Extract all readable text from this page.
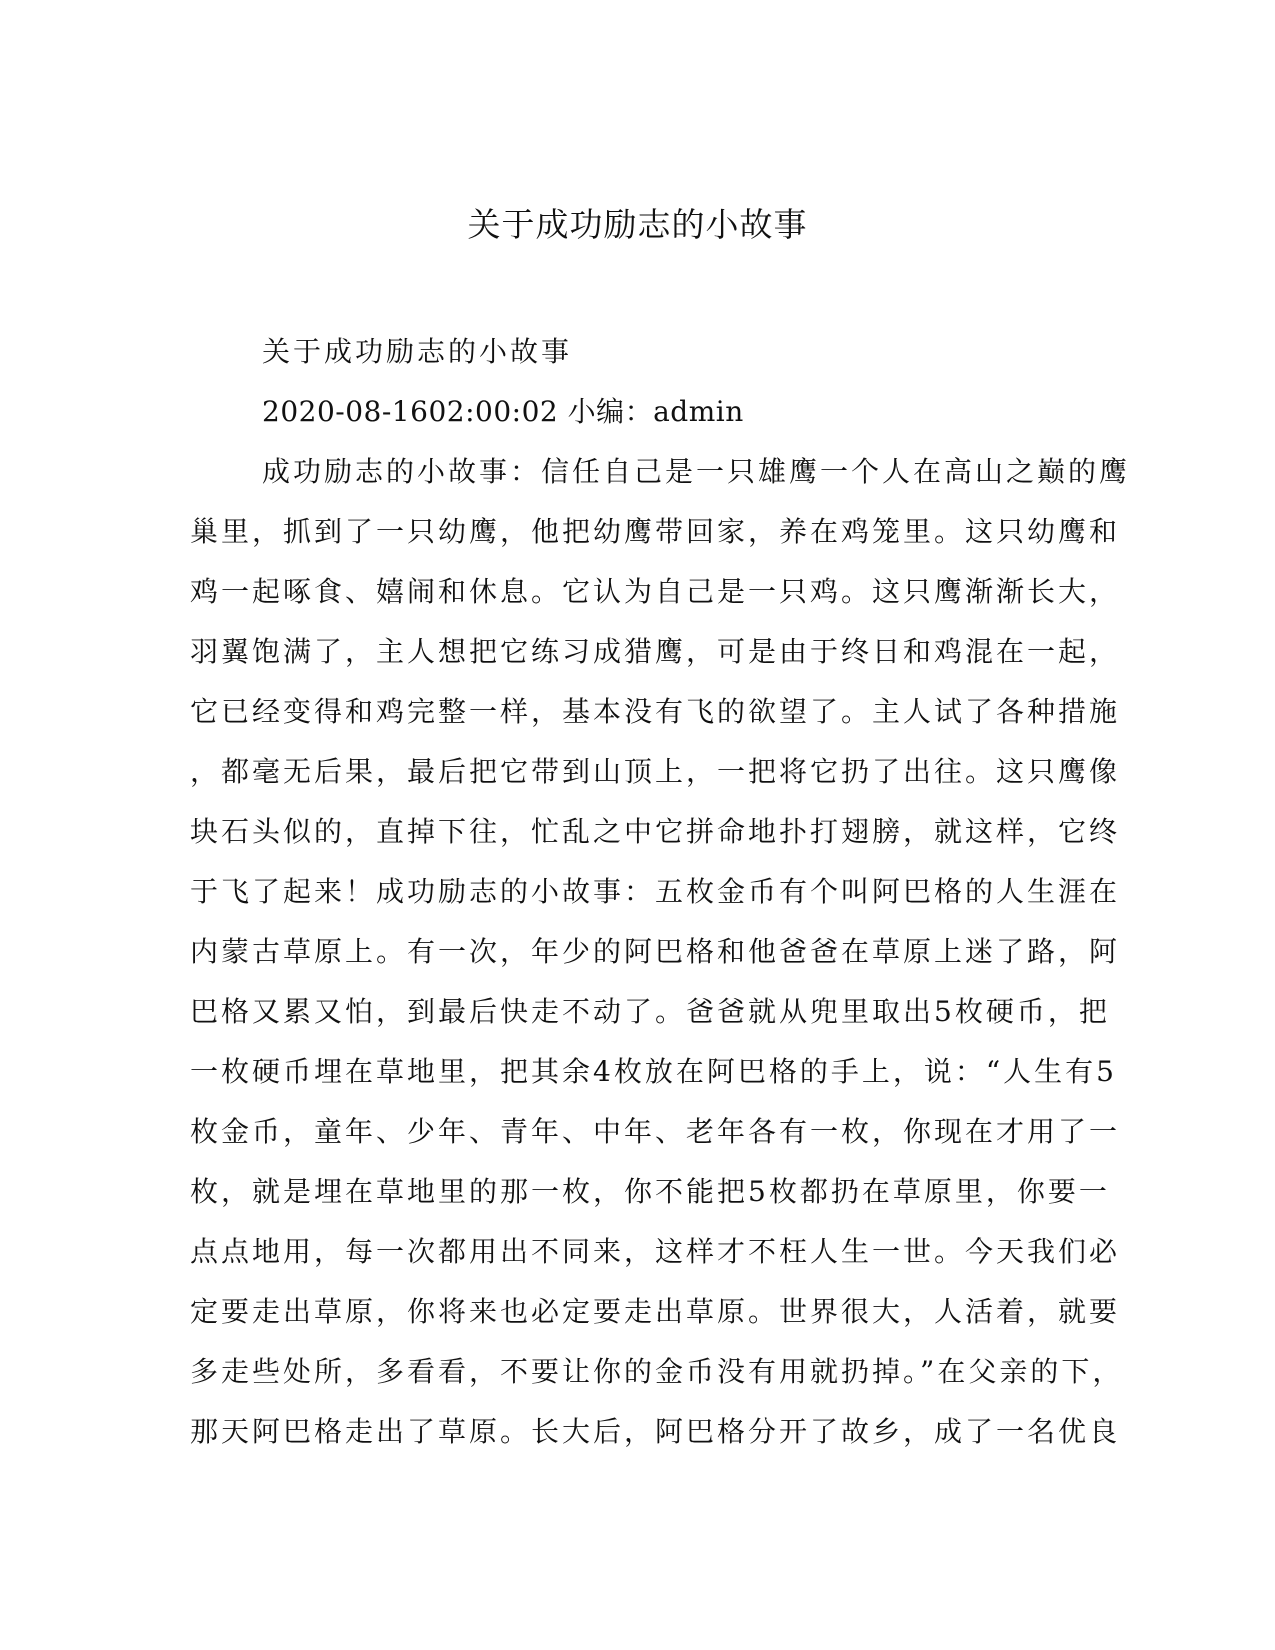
关于成功励志的小故事
关于成功励志的小故事
2020-08-1602:00:02 小编：admin
成功励志的小故事：信任自己是一只雄鹰一个人在高山之巅的鹰
巢里，抓到了一只幼鹰，他把幼鹰带回家，养在鸡笼里。这只幼鹰和
鸡一起啄食、嬉闹和休息。它认为自己是一只鸡。这只鹰渐渐长大，
羽翼饱满了，主人想把它练习成猎鹰，可是由于终日和鸡混在一起，
它已经变得和鸡完整一样，基本没有飞的欲望了。主人试了各种措施
，都毫无后果，最后把它带到山顶上，一把将它扔了出往。这只鹰像
块石头似的，直掉下往，忙乱之中它拼命地扑打翅膀，就这样，它终
于飞了起来！成功励志的小故事：五枚金币有个叫阿巴格的人生涯在
内蒙古草原上。有一次，年少的阿巴格和他爸爸在草原上迷了路，阿
巴格又累又怕，到最后快走不动了。爸爸就从兜里取出5枚硬币，把
一枚硬币埋在草地里，把其余4枚放在阿巴格的手上，说：“人生有5
枚金币，童年、少年、青年、中年、老年各有一枚，你现在才用了一
枚，就是埋在草地里的那一枚，你不能把5枚都扔在草原里，你要一
点点地用，每一次都用出不同来，这样才不枉人生一世。今天我们必
定要走出草原，你将来也必定要走出草原。世界很大，人活着，就要
多走些处所，多看看，不要让你的金币没有用就扔掉。”在父亲的下，
那天阿巴格走出了草原。长大后，阿巴格分开了故乡，成了一名优良
